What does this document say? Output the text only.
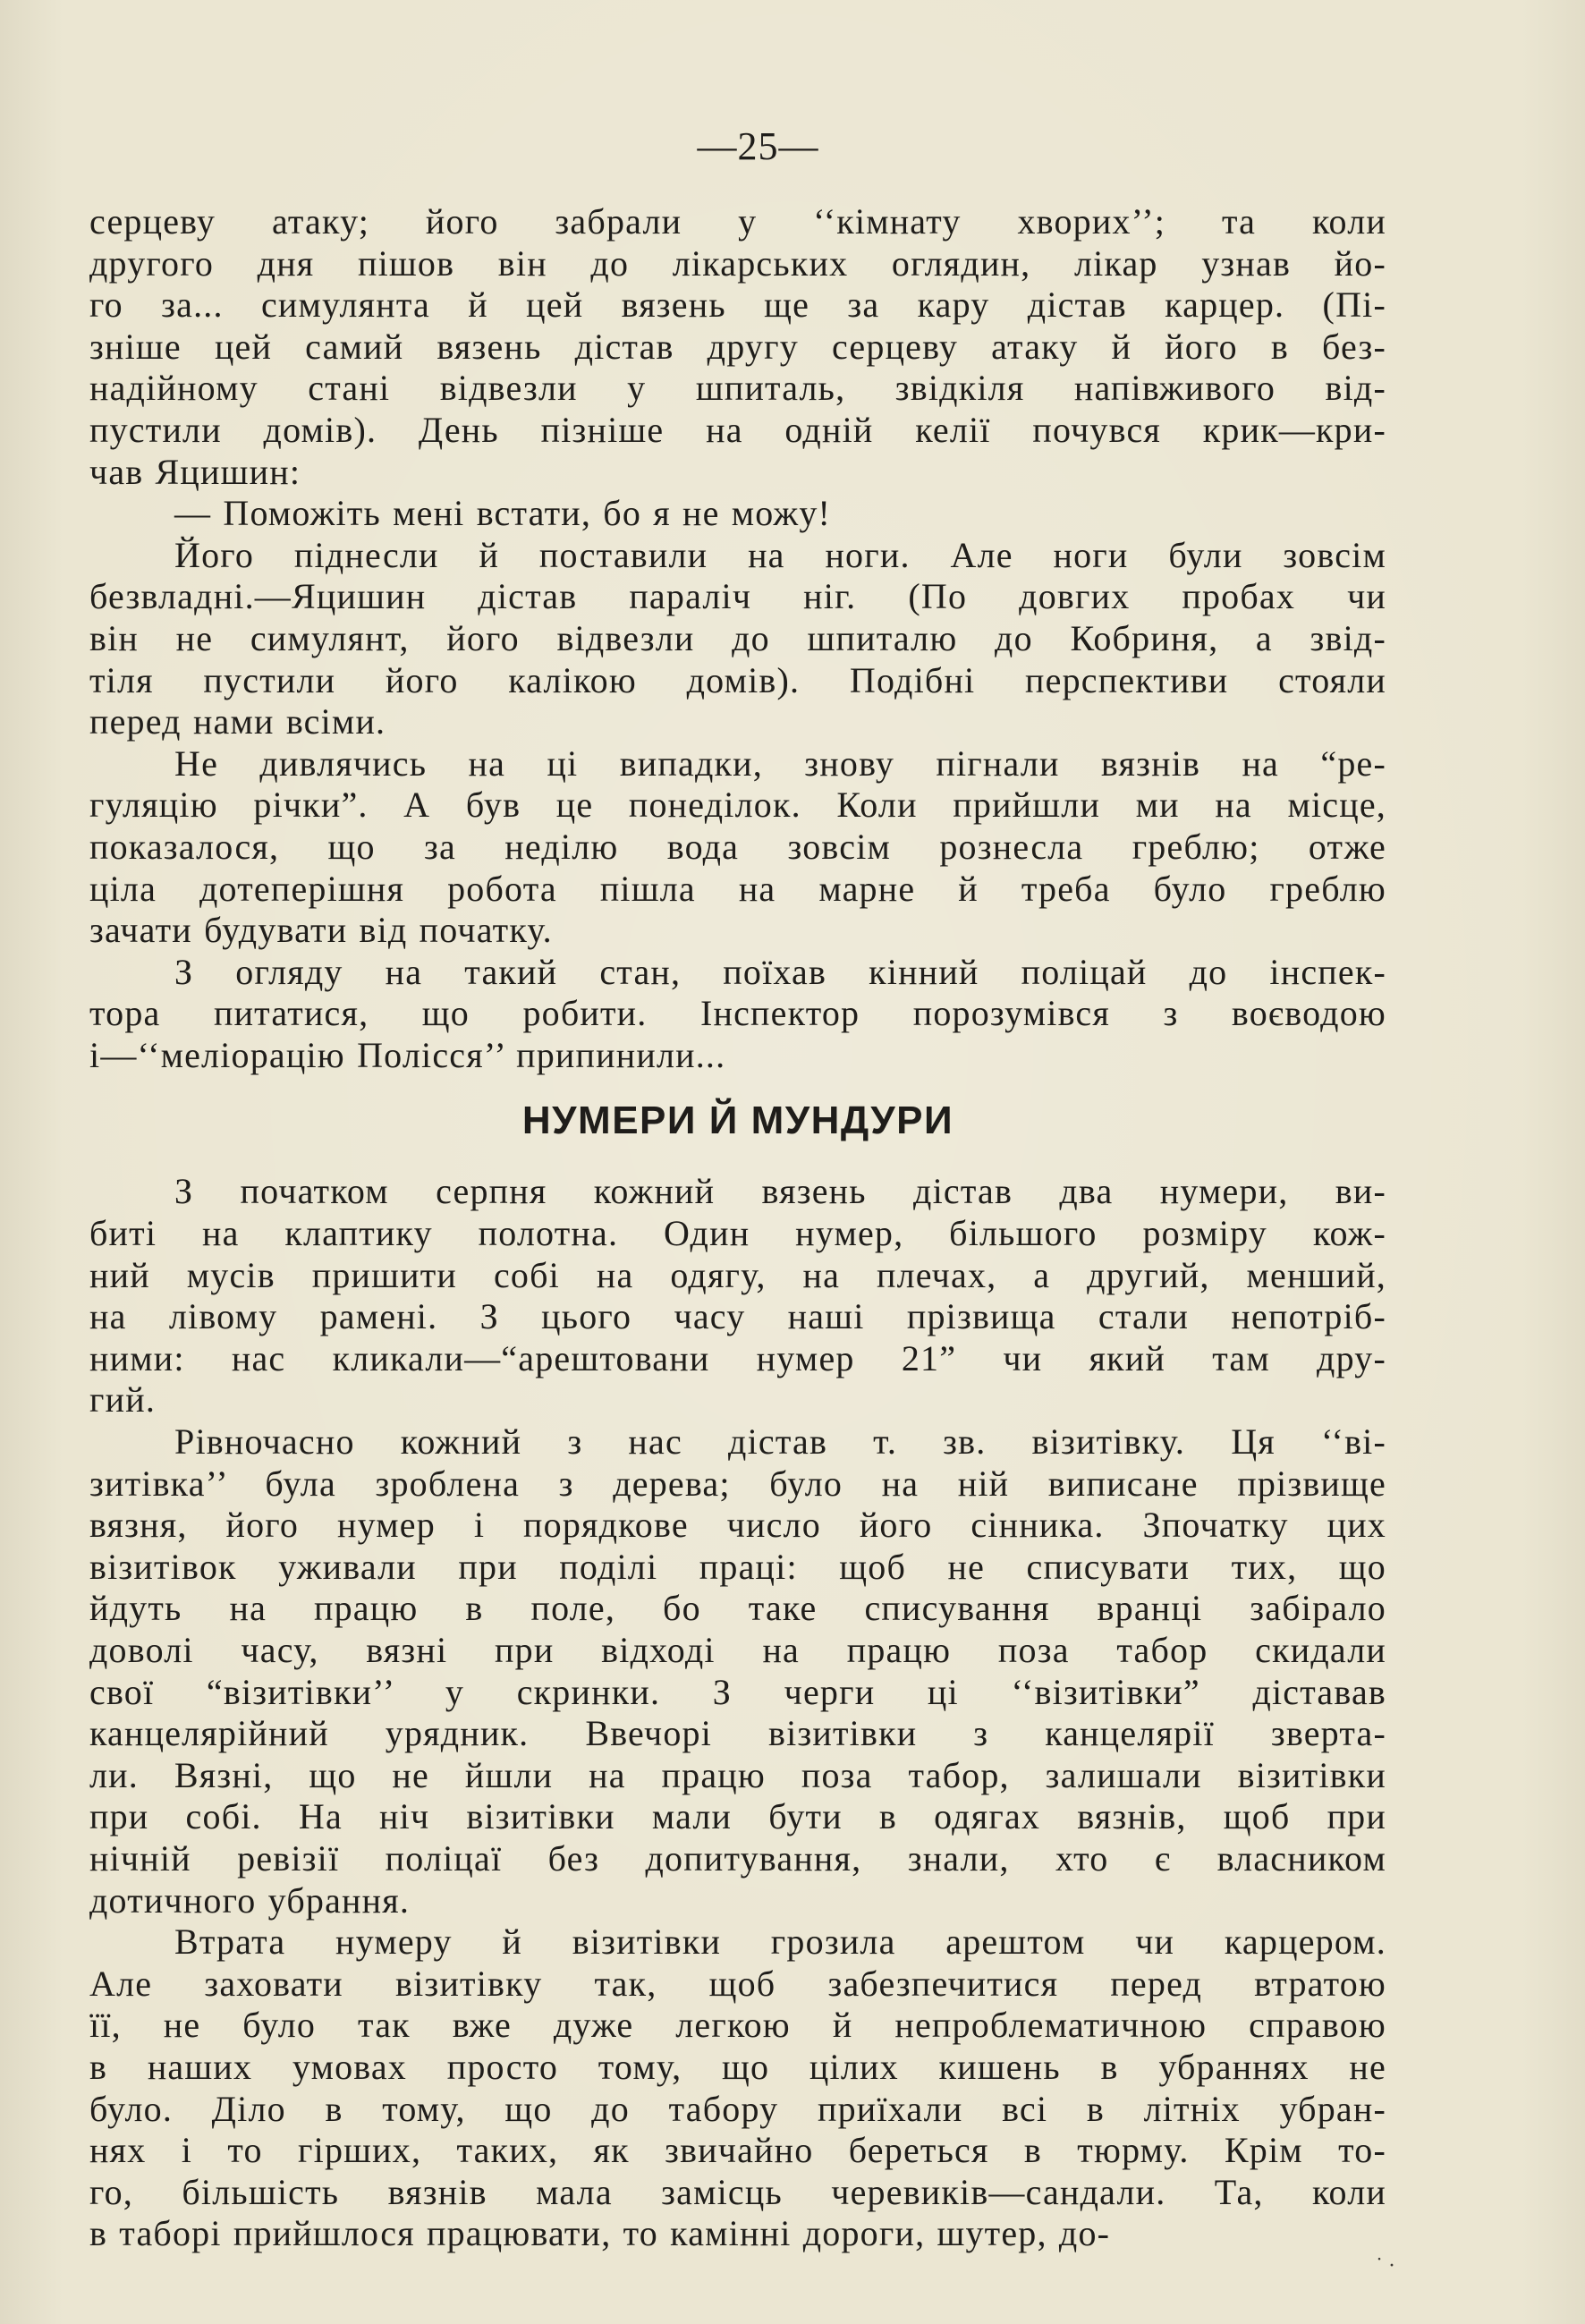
—25—
серцеву атаку; його забрали у ‘‘кімнату хворих’’; та коли
другого дня пішов він до лікарських оглядин, лікар узнав йо-
го за... симулянта й цей вязень ще за кару дістав карцер. (Пі-
зніше цей самий вязень дістав другу серцеву атаку й його в без-
надійному стані відвезли у шпиталь, звідкіля напівживого від-
пустили домів). День пізніше на одній келії почувся крик—кри-
чав Яцишин:
— Поможіть мені встати, бо я не можу!
Його піднесли й поставили на ноги. Але ноги були зовсім
безвладні.—Яцишин дістав параліч ніг. (По довгих пробах чи
він не симулянт, його відвезли до шпиталю до Кобриня, а звід-
тіля пустили його калікою домів). Подібні перспективи стояли
перед нами всіми.
Не дивлячись на ці випадки, знову пігнали вязнів на “ре-
гуляцію річки”. А був це понеділок. Коли прийшли ми на місце,
показалося, що за неділю вода зовсім рознесла греблю; отже
ціла дотеперішня робота пішла на марне й треба було греблю
зачати будувати від початку.
З огляду на такий стан, поїхав кінний поліцай до інспек-
тора питатися, що робити. Інспектор порозумівся з воєводою
і—‘‘меліорацію Полісся’’ припинили...
НУМЕРИ Й МУНДУРИ
З початком серпня кожний вязень дістав два нумери, ви-
биті на клаптику полотна. Один нумер, більшого розміру кож-
ний мусів пришити собі на одягу, на плечах, а другий, менший,
на лівому рамені. З цього часу наші прізвища стали непотріб-
ними: нас кликали—“арештовани нумер 21” чи який там дру-
гий.
Рівночасно кожний з нас дістав т. зв. візитівку. Ця ‘‘ві-
зитівка’’ була зроблена з дерева; було на ній виписане прізвище
вязня, його нумер і порядкове число його сінника. Зпочатку цих
візитівок уживали при поділі праці: щоб не списувати тих, що
йдуть на працю в поле, бо таке списування вранці забірало
доволі часу, вязні при відході на працю поза табор скидали
свої “візитівки’’ у скринки. З черги ці ‘‘візитівки” діставав
канцелярійний урядник. Ввечорі візитівки з канцелярії зверта-
ли. Вязні, що не йшли на працю поза табор, залишали візитівки
при собі. На ніч візитівки мали бути в одягах вязнів, щоб при
нічній ревізії поліцаї без допитування, знали, хто є власником
дотичного убрання.
Втрата нумеру й візитівки грозила арештом чи карцером.
Але заховати візитівку так, щоб забезпечитися перед втратою
її, не було так вже дуже легкою й непроблематичною справою
в наших умовах просто тому, що цілих кишень в убраннях не
було. Діло в тому, що до табору приїхали всі в літніх убран-
нях і то гірших, таких, як звичайно береться в тюрму. Крім то-
го, більшість вязнів мала замісць черевиків—сандали. Та, коли
в таборі прийшлося працювати, то камінні дороги, шутер, до-
˙ ·
